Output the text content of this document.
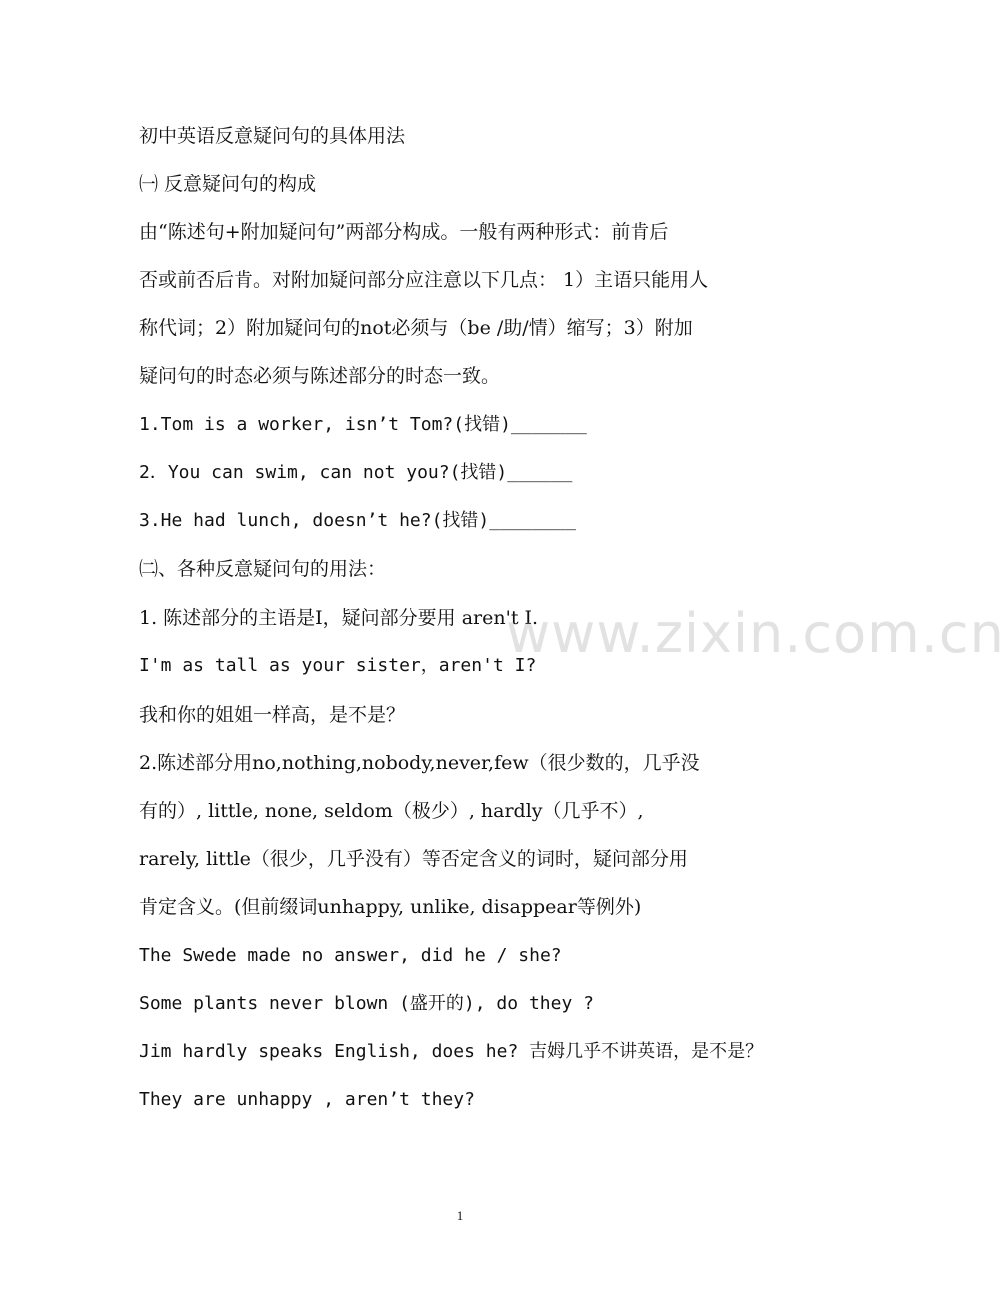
初中英语反意疑问句的具体用法
㈠ 反意疑问句的构成
由“陈述句+附加疑问句”两部分构成。一般有两种形式：前肯后
否或前否后肯。对附加疑问部分应注意以下几点： 1）主语只能用人
称代词；2）附加疑问句的not必须与（be /助/情）缩写；3）附加
疑问句的时态必须与陈述部分的时态一致。
1.Tom is a worker, isn’t Tom?(找错)_______
2．You can swim, can not you?(找错)______
3.He had lunch, doesn’t he?(找错)________
㈡、各种反意疑问句的用法：
1. 陈述部分的主语是I，疑问部分要用 aren't I.
I'm as tall as your sister，aren't I?
我和你的姐姐一样高，是不是？
2.陈述部分用no,nothing,nobody,never,few（很少数的，几乎没
有的）, little, none, seldom（极少）, hardly（几乎不）,
rarely, little（很少，几乎没有）等否定含义的词时，疑问部分用
肯定含义。(但前缀词unhappy, unlike, disappear等例外)
The Swede made no answer, did he / she?
Some plants never blown (盛开的), do they ?
Jim hardly speaks English, does he? 吉姆几乎不讲英语，是不是？
They are unhappy , aren’t they?
www.zixin.com.cn
1
